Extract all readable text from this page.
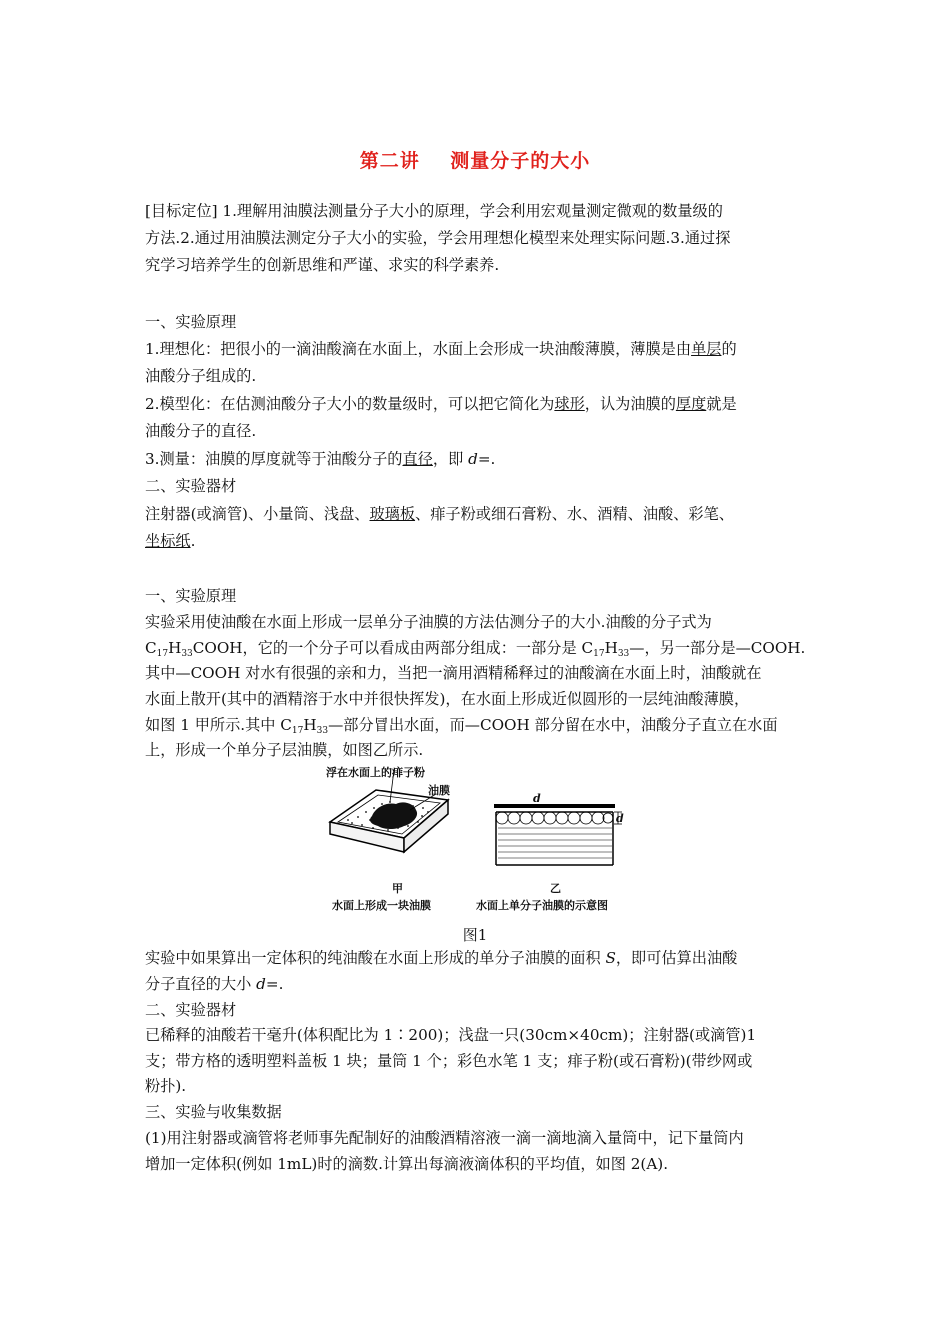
第二讲 测量分子的大小
[目标定位] 1.理解用油膜法测量分子大小的原理，学会利用宏观量测定微观的数量级的
方法.2.通过用油膜法测定分子大小的实验，学会用理想化模型来处理实际问题.3.通过探
究学习培养学生的创新思维和严谨、求实的科学素养.
一、实验原理
1.理想化：把很小的一滴油酸滴在水面上，水面上会形成一块油酸薄膜，薄膜是由单层的
油酸分子组成的.
2.模型化：在估测油酸分子大小的数量级时，可以把它简化为球形，认为油膜的厚度就是
油酸分子的直径.
3.测量：油膜的厚度就等于油酸分子的直径，即 d=.
二、实验器材
注射器(或滴管)、小量筒、浅盘、玻璃板、痱子粉或细石膏粉、水、酒精、油酸、彩笔、
坐标纸.
一、实验原理
实验采用使油酸在水面上形成一层单分子油膜的方法估测分子的大小.油酸的分子式为
$C_{17}H_{33}COOH$，它的一个分子可以看成由两部分组成：一部分是 $C_{17}H_{33}—$，另一部分是—COOH.
其中—COOH 对水有很强的亲和力，当把一滴用酒精稀释过的油酸滴在水面上时，油酸就在
水面上散开(其中的酒精溶于水中并很快挥发)，在水面上形成近似圆形的一层纯油酸薄膜，
如图 1 甲所示.其中 $C_{17}H_{33}—$部分冒出水面，而—COOH 部分留在水中，油酸分子直立在水面
上，形成一个单分子层油膜，如图乙所示.
浮在水面上的痱子粉
油膜
d
d
甲
水面上形成一块油膜
乙
水面上单分子油膜的示意图
图1
实验中如果算出一定体积的纯油酸在水面上形成的单分子油膜的面积 S，即可估算出油酸
分子直径的大小 d=.
二、实验器材
已稀释的油酸若干毫升(体积配比为 1∶200)；浅盘一只(30cm×40cm)；注射器(或滴管)1
支；带方格的透明塑料盖板 1 块；量筒 1 个；彩色水笔 1 支；痱子粉(或石膏粉)(带纱网或
粉扑).
三、实验与收集数据
(1)用注射器或滴管将老师事先配制好的油酸酒精溶液一滴一滴地滴入量筒中，记下量筒内
增加一定体积(例如 1mL)时的滴数.计算出每滴液滴体积的平均值，如图 2(A).
